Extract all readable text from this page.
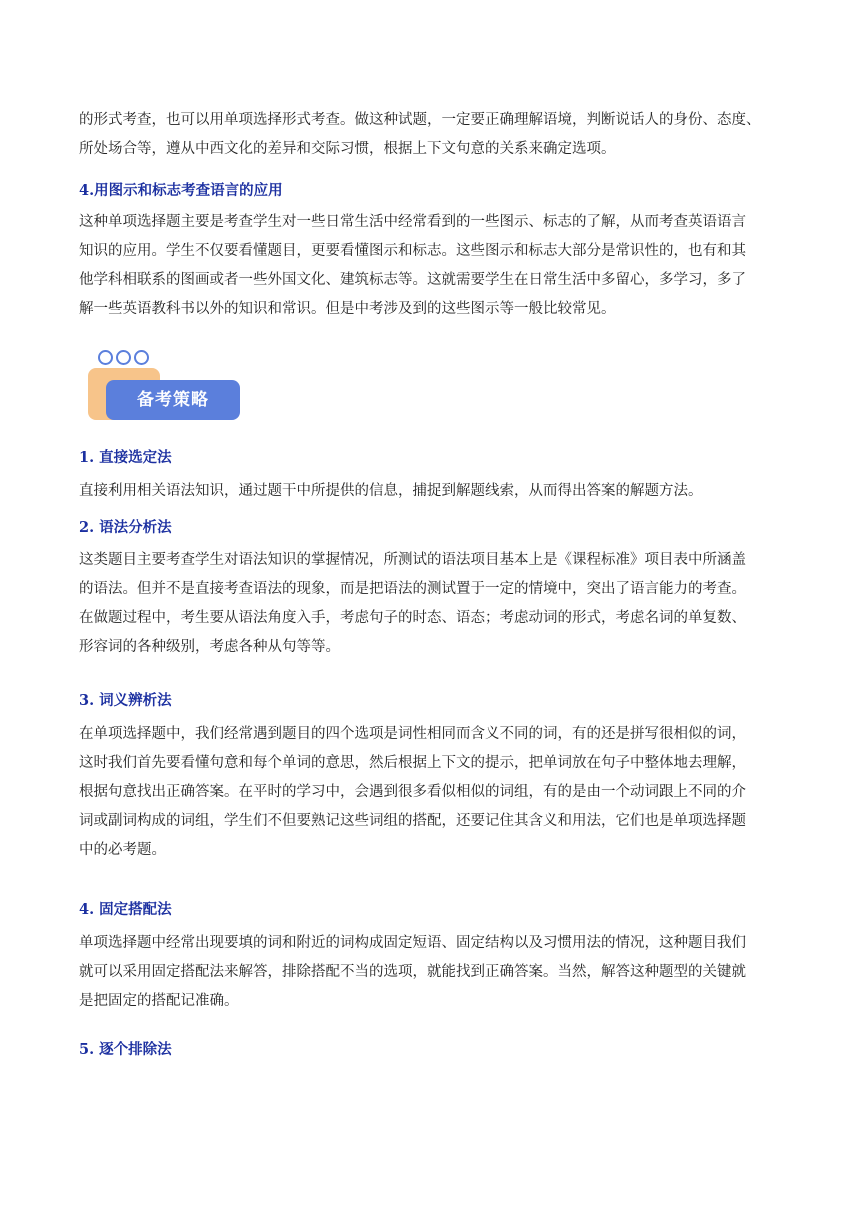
的形式考查，也可以用单项选择形式考查。做这种试题，一定要正确理解语境，判断说话人的身份、态度、
所处场合等，遵从中西文化的差异和交际习惯，根据上下文句意的关系来确定选项。
4.用图示和标志考查语言的应用
这种单项选择题主要是考查学生对一些日常生活中经常看到的一些图示、标志的了解，从而考查英语语言
知识的应用。学生不仅要看懂题目，更要看懂图示和标志。这些图示和标志大部分是常识性的，也有和其
他学科相联系的图画或者一些外国文化、建筑标志等。这就需要学生在日常生活中多留心，多学习，多了
解一些英语教科书以外的知识和常识。但是中考涉及到的这些图示等一般比较常见。
备考策略
1. 直接选定法
直接利用相关语法知识，通过题干中所提供的信息，捕捉到解题线索，从而得出答案的解题方法。
2. 语法分析法
这类题目主要考查学生对语法知识的掌握情况，所测试的语法项目基本上是《课程标准》项目表中所涵盖
的语法。但并不是直接考查语法的现象，而是把语法的测试置于一定的情境中，突出了语言能力的考查。
在做题过程中，考生要从语法角度入手，考虑句子的时态、语态；考虑动词的形式，考虑名词的单复数、
形容词的各种级别，考虑各种从句等等。
3. 词义辨析法
在单项选择题中，我们经常遇到题目的四个选项是词性相同而含义不同的词，有的还是拼写很相似的词，
这时我们首先要看懂句意和每个单词的意思，然后根据上下文的提示，把单词放在句子中整体地去理解，
根据句意找出正确答案。在平时的学习中，会遇到很多看似相似的词组，有的是由一个动词跟上不同的介
词或副词构成的词组，学生们不但要熟记这些词组的搭配，还要记住其含义和用法，它们也是单项选择题
中的必考题。
4. 固定搭配法
单项选择题中经常出现要填的词和附近的词构成固定短语、固定结构以及习惯用法的情况，这种题目我们
就可以采用固定搭配法来解答，排除搭配不当的选项，就能找到正确答案。当然，解答这种题型的关键就
是把固定的搭配记准确。
5. 逐个排除法
